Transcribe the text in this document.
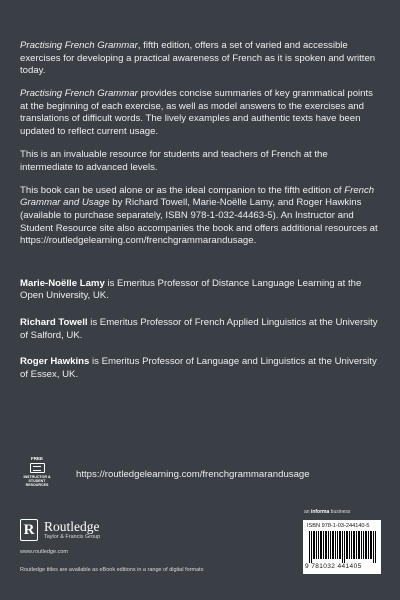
Practising French Grammar, fifth edition, offers a set of varied and accessible exercises for developing a practical awareness of French as it is spoken and written today.

Practising French Grammar provides concise summaries of key grammatical points at the beginning of each exercise, as well as model answers to the exercises and translations of difficult words. The lively examples and authentic texts have been updated to reflect current usage.

This is an invaluable resource for students and teachers of French at the intermediate to advanced levels.

This book can be used alone or as the ideal companion to the fifth edition of French Grammar and Usage by Richard Towell, Marie-Noëlle Lamy, and Roger Hawkins (available to purchase separately, ISBN 978-1-032-44463-5). An Instructor and Student Resource site also accompanies the book and offers additional resources at https://routledgelearning.com/frenchgrammarandusage.

Marie-Noëlle Lamy is Emeritus Professor of Distance Language Learning at the Open University, UK.

Richard Towell is Emeritus Professor of French Applied Linguistics at the University of Salford, UK.

Roger Hawkins is Emeritus Professor of Language and Linguistics at the University of Essex, UK.

FREE
INSTRUCTOR & STUDENT RESOURCES
https://routledgelearning.com/frenchgrammarandusage
an informa business
R Routledge
Taylor & Francis Group
www.routledge.com
Routledge titles are available as eBook editions in a range of digital formats
ISBN 978-1-03-244140-5
9 781032 441405
